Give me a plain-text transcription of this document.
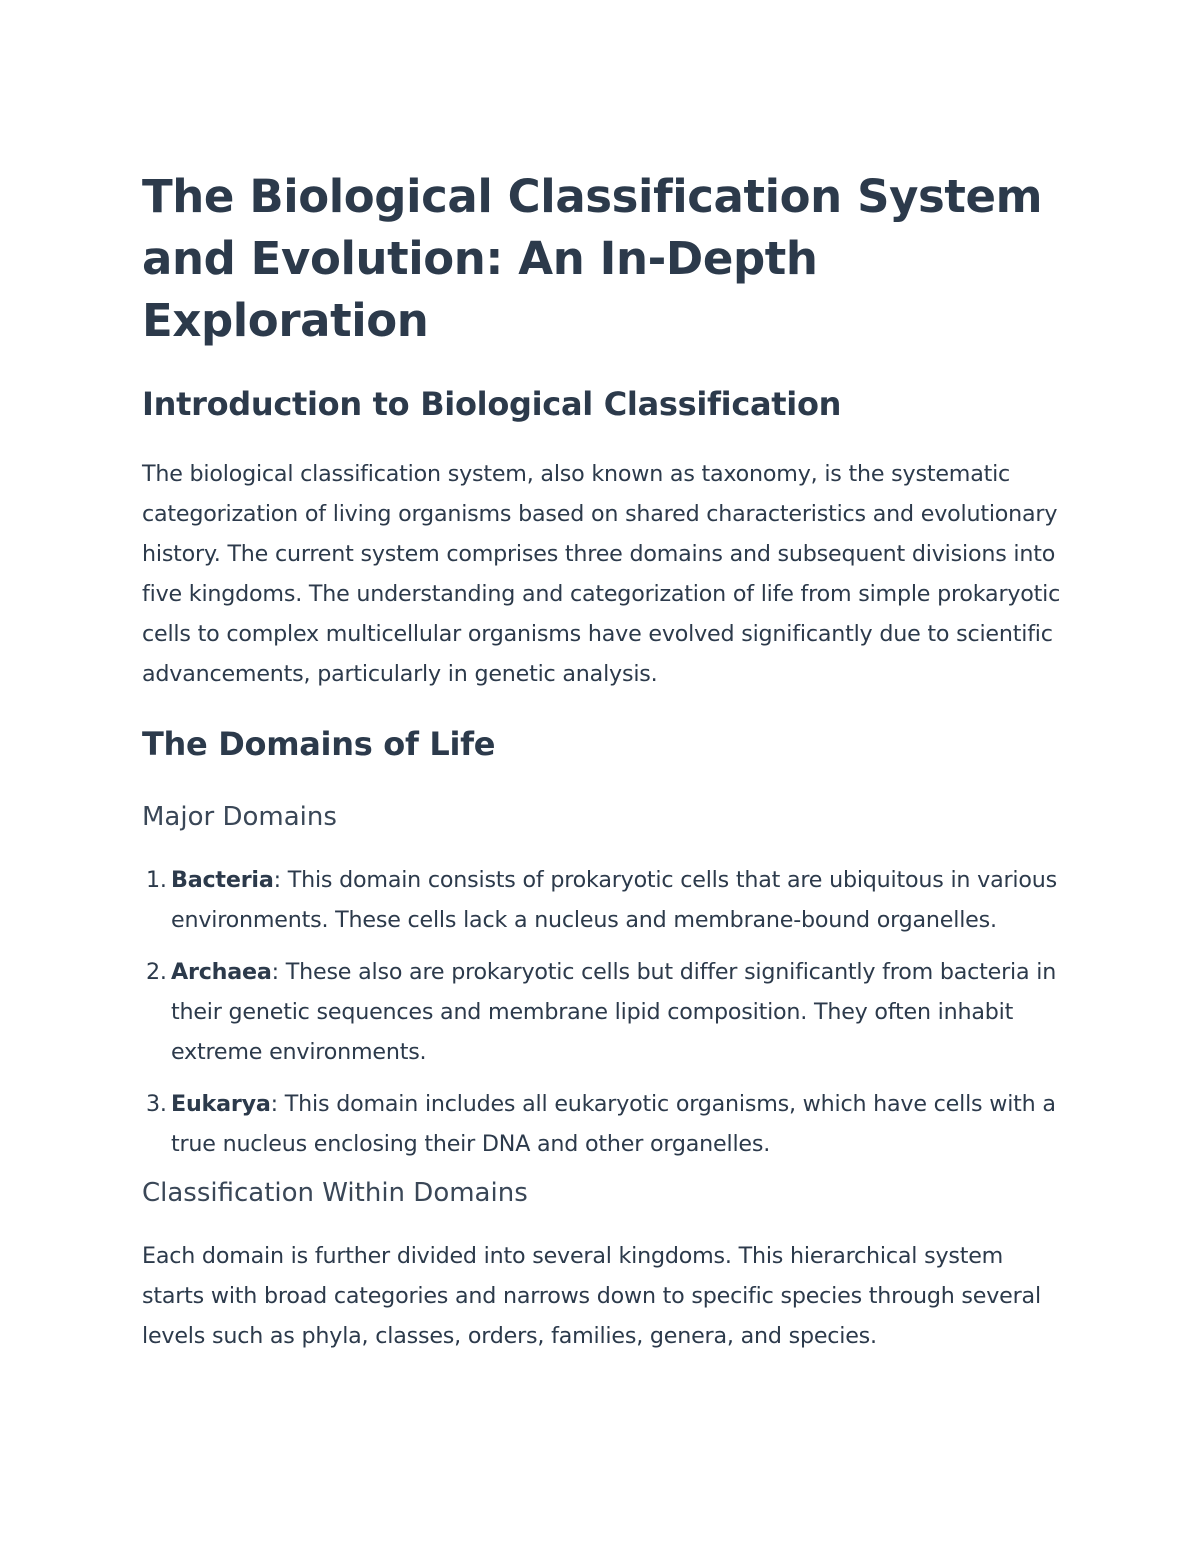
The Biological Classification System and Evolution: An In-Depth Exploration
Introduction to Biological Classification

The biological classification system, also known as taxonomy, is the systematic categorization of living organisms based on shared characteristics and evolutionary history. The current system comprises three domains and subsequent divisions into five kingdoms. The understanding and categorization of life from simple prokaryotic cells to complex multicellular organisms have evolved significantly due to scientific advancements, particularly in genetic analysis.

The Domains of Life
Major Domains
1. Bacteria: This domain consists of prokaryotic cells that are ubiquitous in various environments. These cells lack a nucleus and membrane-bound organelles.
2. Archaea: These also are prokaryotic cells but differ significantly from bacteria in their genetic sequences and membrane lipid composition. They often inhabit extreme environments.
3. Eukarya: This domain includes all eukaryotic organisms, which have cells with a true nucleus enclosing their DNA and other organelles.
Classification Within Domains

Each domain is further divided into several kingdoms. This hierarchical system starts with broad categories and narrows down to specific species through several levels such as phyla, classes, orders, families, genera, and species.
